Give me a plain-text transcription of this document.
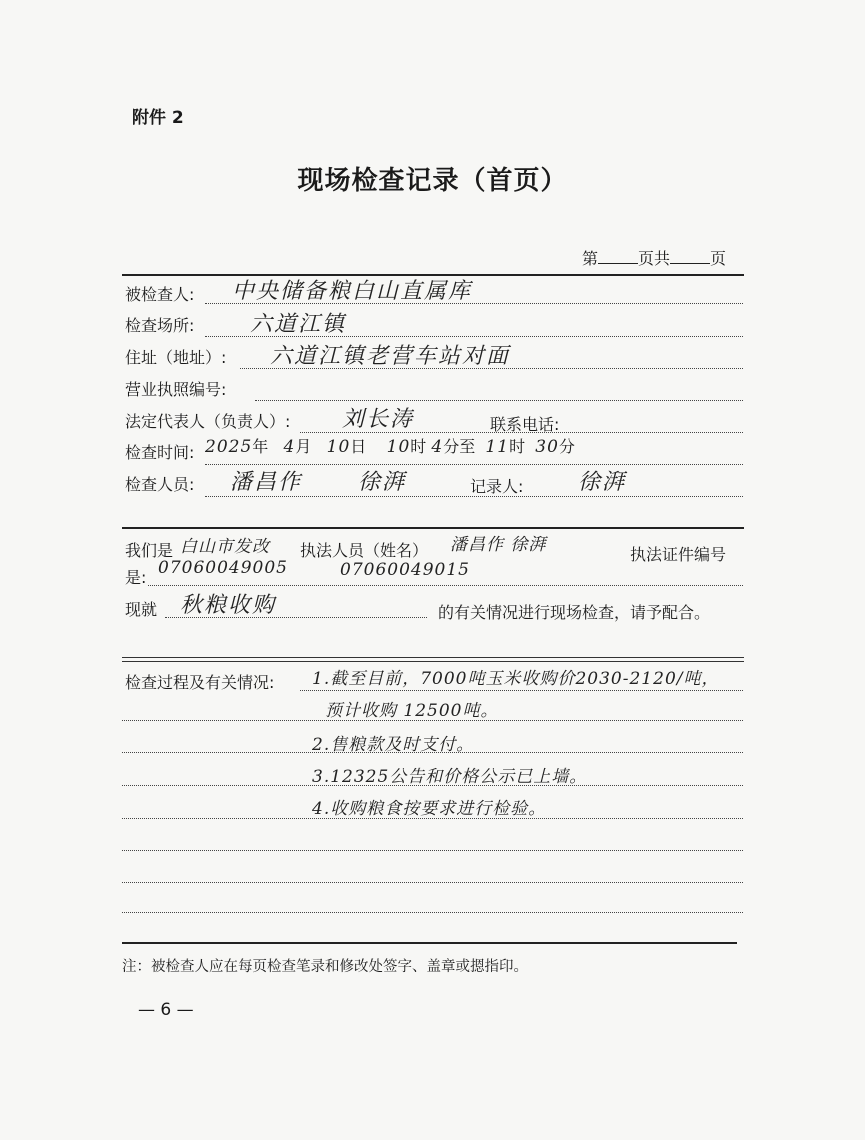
附件 2
现场检查记录（首页）
第	页共	页
被检查人: 中央储备粮白山直属库
检查场所:	六道江镇
住址（地址）: 六道江镇老营车站对面
营业执照编号:
法定代表人（负责人）: 刘长涛	联系电话:
检查时间: 2025年 4月 10日 10时 4分至 11时 30分
检查人员: 潘昌作	徐湃	记录人: 徐湃
我们是 白山市发改 执法人员（姓名） 潘昌作 徐湃	执法证件编号
是: 07060049005	07060049015
现就 秋粮收购	的有关情况进行现场检查，请予配合。
检查过程及有关情况: 1.截至目前，7000吨玉米收购价2030-2120/吨，
预计收购 12500吨。
2.售粮款及时支付。
3.12325公告和价格公示已上墙。
4.收购粮食按要求进行检验。
注：被检查人应在每页检查笔录和修改处签字、盖章或摁指印。
— 6 —
